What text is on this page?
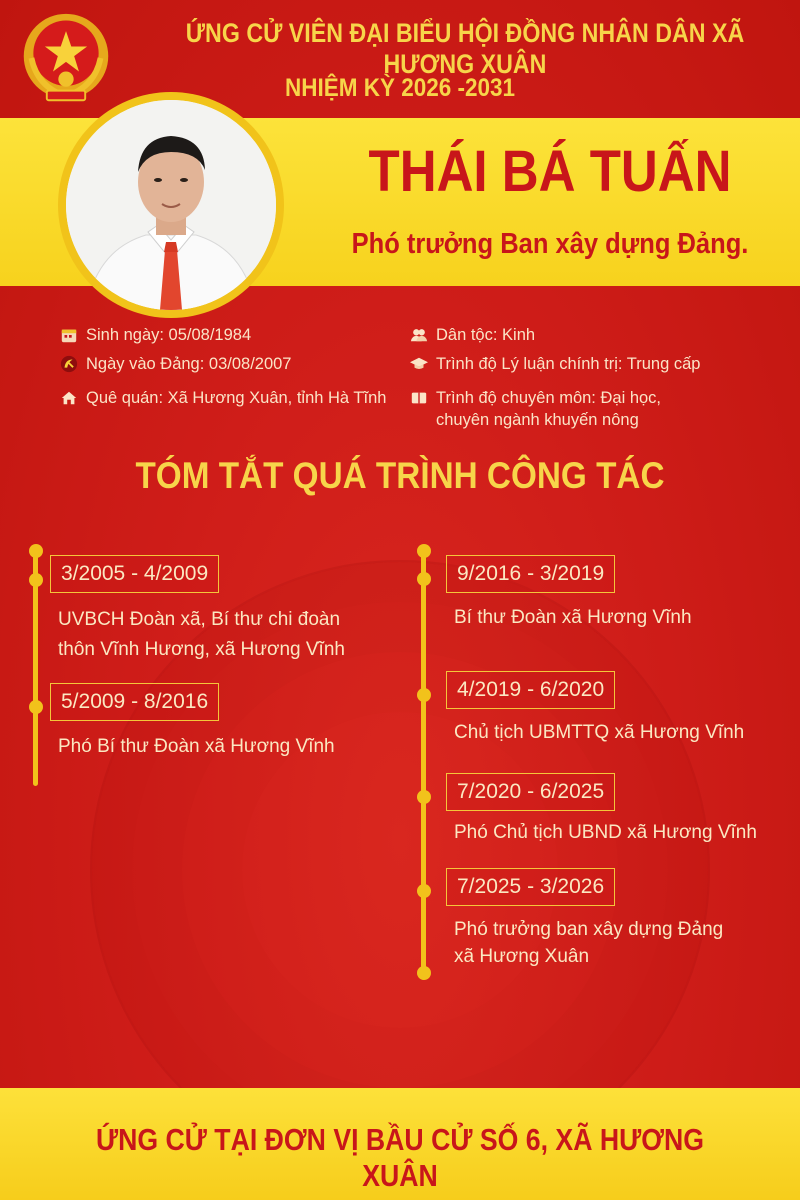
ỨNG CỬ VIÊN ĐẠI BIỂU HỘI ĐỒNG NHÂN DÂN XÃ HƯƠNG XUÂN
NHIỆM KỲ 2026 -2031
THÁI BÁ TUẤN
Phó trưởng Ban xây dựng Đảng.
Sinh ngày: 05/08/1984
Ngày vào Đảng: 03/08/2007
Quê quán: Xã Hương Xuân, tỉnh Hà Tĩnh
Dân tộc: Kinh
Trình độ Lý luận chính trị: Trung cấp
Trình độ chuyên môn: Đại học,
chuyên ngành khuyến nông
TÓM TẮT QUÁ TRÌNH CÔNG TÁC
3/2005 - 4/2009
UVBCH Đoàn xã, Bí thư chi đoàn
thôn Vĩnh Hương, xã Hương Vĩnh
5/2009 - 8/2016
Phó Bí thư Đoàn xã Hương Vĩnh
9/2016 - 3/2019
Bí thư Đoàn xã Hương Vĩnh
4/2019 - 6/2020
Chủ tịch UBMTTQ xã Hương Vĩnh
7/2020 - 6/2025
Phó Chủ tịch UBND xã Hương Vĩnh
7/2025 - 3/2026
Phó trưởng ban xây dựng Đảng
xã Hương Xuân
ỨNG CỬ TẠI ĐƠN VỊ BẦU CỬ SỐ 6, XÃ HƯƠNG XUÂN
